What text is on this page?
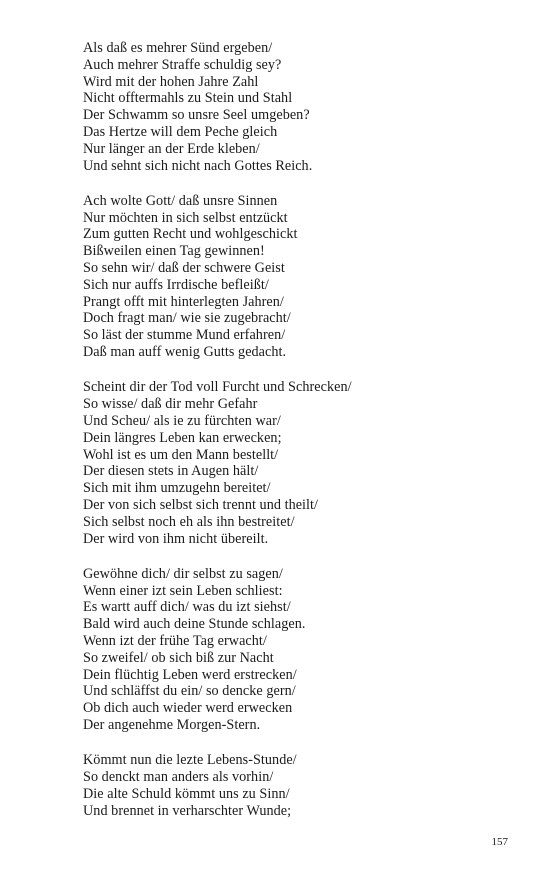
Als daß es mehrer Sünd ergeben/
Auch mehrer Straffe schuldig sey?
Wird mit der hohen Jahre Zahl
Nicht offtermahls zu Stein und Stahl
Der Schwamm so unsre Seel umgeben?
Das Hertze will dem Peche gleich
Nur länger an der Erde kleben/
Und sehnt sich nicht nach Gottes Reich.
Ach wolte Gott/ daß unsre Sinnen
Nur möchten in sich selbst entzückt
Zum gutten Recht und wohlgeschickt
Bißweilen einen Tag gewinnen!
So sehn wir/ daß der schwere Geist
Sich nur auffs Irrdische befleißt/
Prangt offt mit hinterlegten Jahren/
Doch fragt man/ wie sie zugebracht/
So läst der stumme Mund erfahren/
Daß man auff wenig Gutts gedacht.
Scheint dir der Tod voll Furcht und Schrecken/
So wisse/ daß dir mehr Gefahr
Und Scheu/ als ie zu fürchten war/
Dein längres Leben kan erwecken;
Wohl ist es um den Mann bestellt/
Der diesen stets in Augen hält/
Sich mit ihm umzugehn bereitet/
Der von sich selbst sich trennt und theilt/
Sich selbst noch eh als ihn bestreitet/
Der wird von ihm nicht übereilt.
Gewöhne dich/ dir selbst zu sagen/
Wenn einer izt sein Leben schliest:
Es wartt auff dich/ was du izt siehst/
Bald wird auch deine Stunde schlagen.
Wenn izt der frühe Tag erwacht/
So zweifel/ ob sich biß zur Nacht
Dein flüchtig Leben werd erstrecken/
Und schläffst du ein/ so dencke gern/
Ob dich auch wieder werd erwecken
Der angenehme Morgen-Stern.
Kömmt nun die lezte Lebens-Stunde/
So denckt man anders als vorhin/
Die alte Schuld kömmt uns zu Sinn/
Und brennet in verharschter Wunde;
157
